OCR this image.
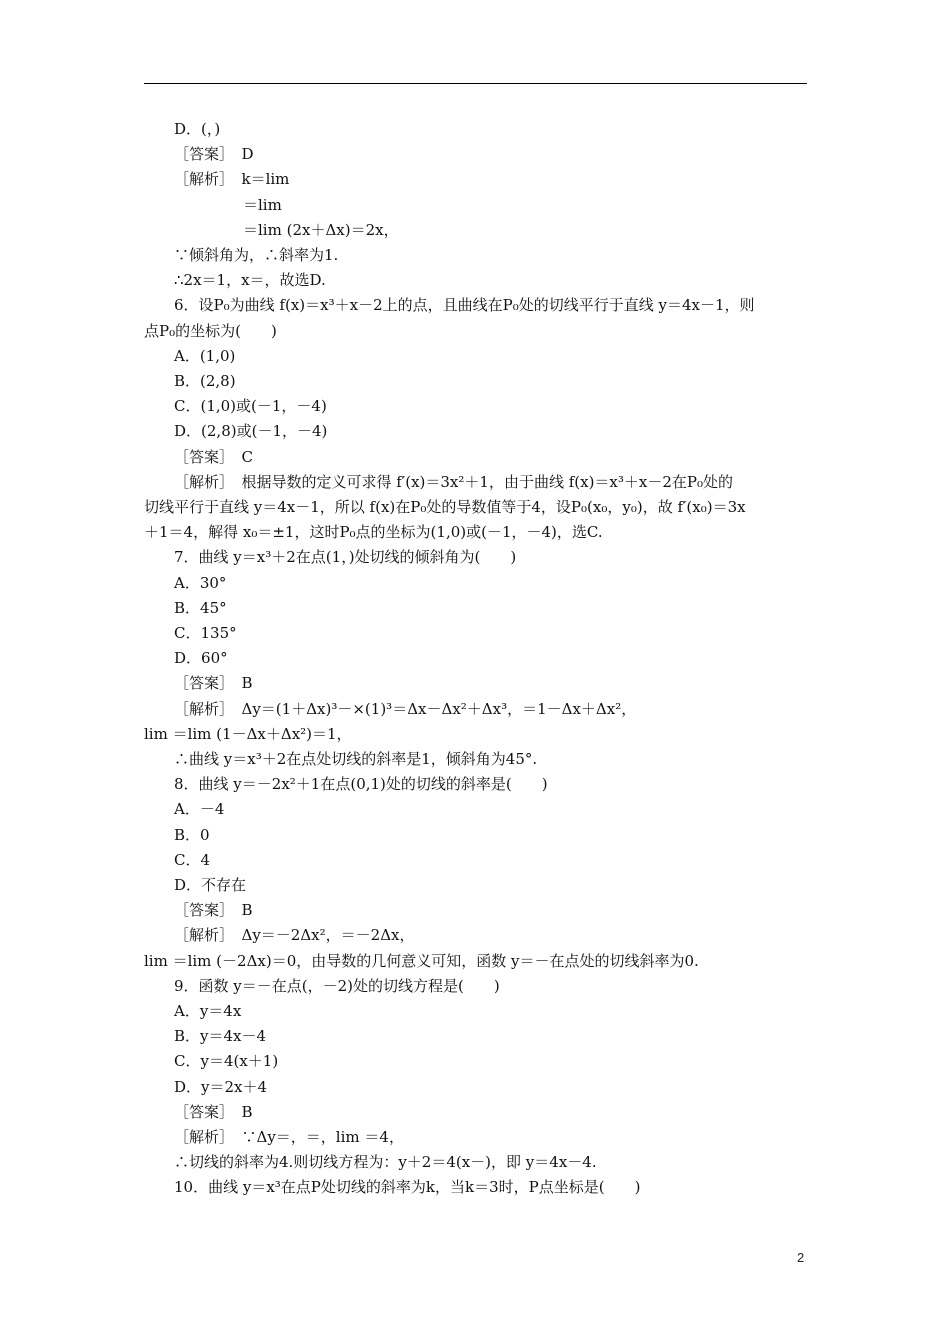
D．(，)
［答案］　D
［解析］　k＝lim
＝lim
＝lim (2x＋Δx)＝2x，
∵倾斜角为，∴斜率为1.
∴2x＝1，x＝，故选D.
6．设P₀为曲线 f(x)＝x³＋x－2上的点，且曲线在P₀处的切线平行于直线 y＝4x－1，则
点P₀的坐标为(　　)
A．(1,0)
B．(2,8)
C．(1,0)或(－1，－4)
D．(2,8)或(－1，－4)
［答案］　C
［解析］　根据导数的定义可求得 f′(x)＝3x²＋1，由于曲线 f(x)＝x³＋x－2在P₀处的
切线平行于直线 y＝4x－1，所以 f(x)在P₀处的导数值等于4，设P₀(x₀，y₀)，故 f′(x₀)＝3x
＋1＝4，解得 x₀＝±1，这时P₀点的坐标为(1,0)或(－1，－4)，选C.
7．曲线 y＝x³＋2在点(1，)处切线的倾斜角为(　　)
A．30°
B．45°
C．135°
D．60°
［答案］　B
［解析］　Δy＝(1＋Δx)³－×(1)³＝Δx－Δx²＋Δx³，＝1－Δx＋Δx²，
lim ＝lim (1－Δx＋Δx²)＝1，
∴曲线 y＝x³＋2在点处切线的斜率是1，倾斜角为45°.
8．曲线 y＝－2x²＋1在点(0,1)处的切线的斜率是(　　)
A．－4
B．0
C．4
D．不存在
［答案］　B
［解析］　Δy＝－2Δx²，＝－2Δx，
lim ＝lim (－2Δx)＝0，由导数的几何意义可知，函数 y＝－在点处的切线斜率为0.
9．函数 y＝－在点(，－2)处的切线方程是(　　)
A．y＝4x
B．y＝4x－4
C．y＝4(x＋1)
D．y＝2x＋4
［答案］　B
［解析］　∵Δy＝，＝，lim ＝4，
∴切线的斜率为4.则切线方程为：y＋2＝4(x－)，即 y＝4x－4.
10．曲线 y＝x³在点P处切线的斜率为k，当k＝3时，P点坐标是(　　)
2
